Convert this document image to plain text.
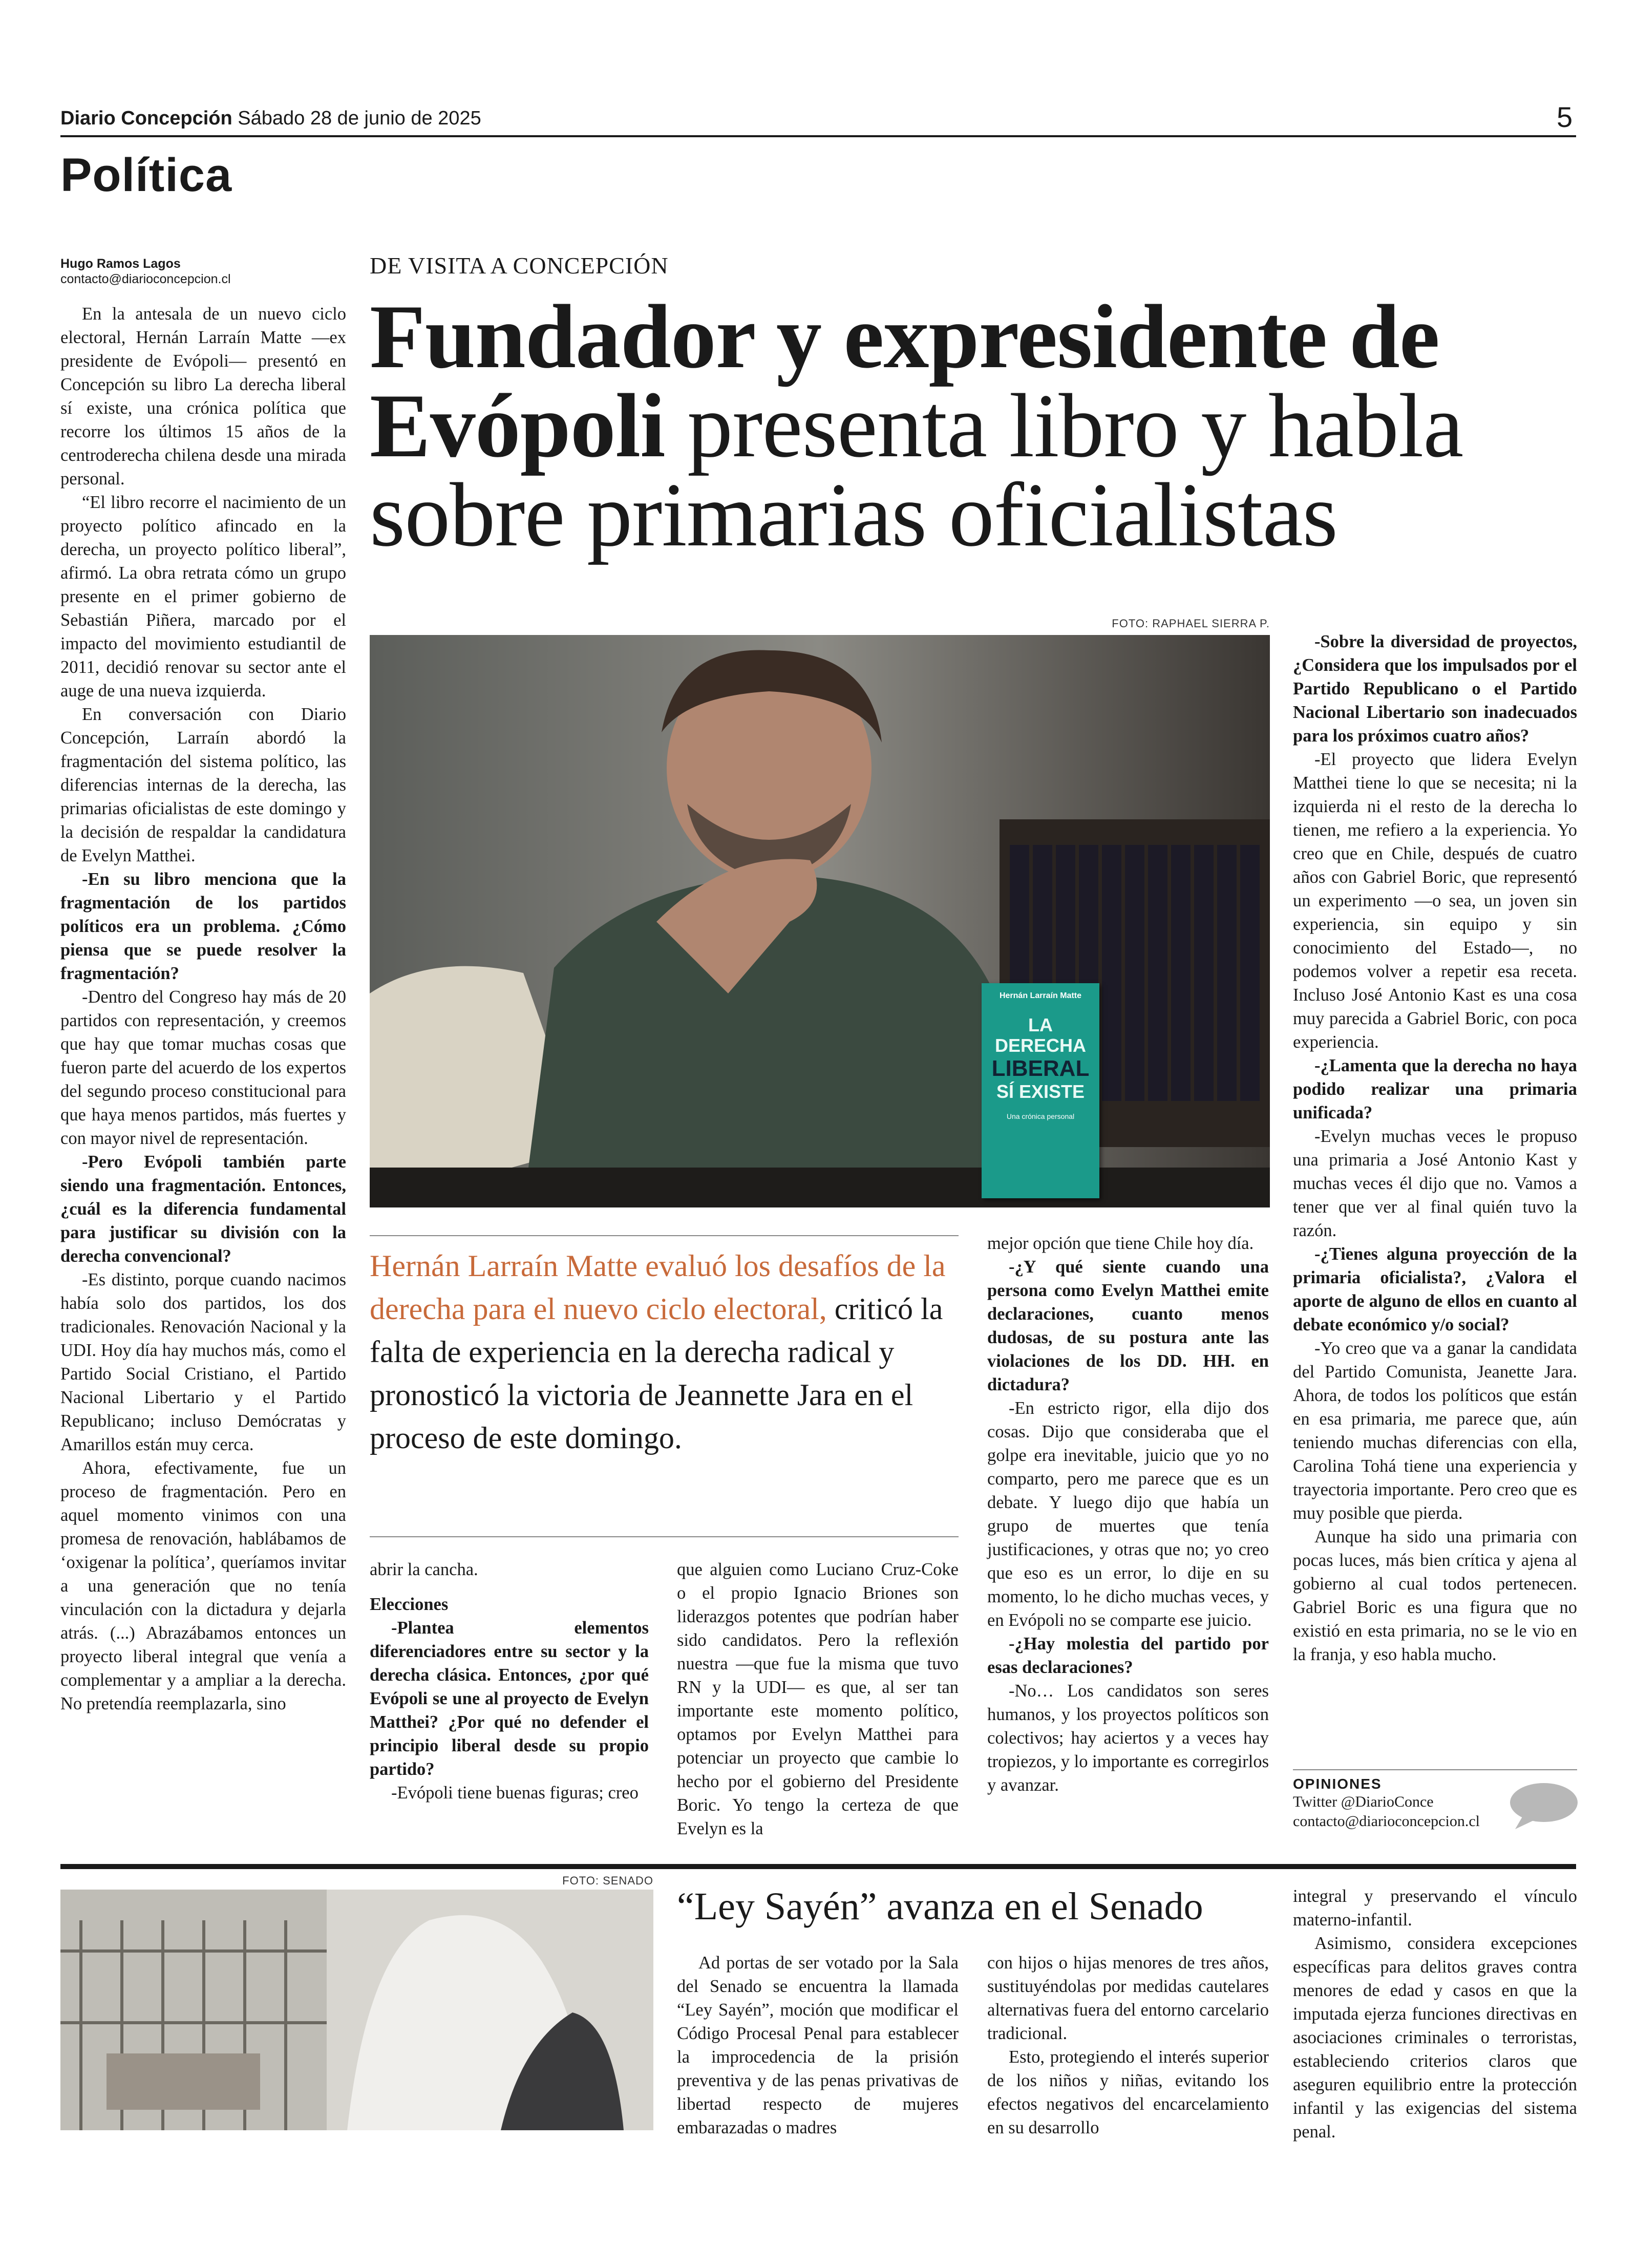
Diario Concepción Sábado 28 de junio de 2025	5
Política
Hugo Ramos Lagos
contacto@diarioconcepcion.cl
DE VISITA A CONCEPCIÓN
Fundador y expresidente de Evópoli presenta libro y habla sobre primarias oficialistas

En la antesala de un nuevo ciclo electoral, Hernán Larraín Matte —ex presidente de Evópoli— presentó en Concepción su libro La derecha liberal sí existe, una crónica política que recorre los últimos 15 años de la centroderecha chilena desde una mirada personal.

“El libro recorre el nacimiento de un proyecto político afincado en la derecha, un proyecto político liberal”, afirmó. La obra retrata cómo un grupo presente en el primer gobierno de Sebastián Piñera, marcado por el impacto del movimiento estudiantil de 2011, decidió renovar su sector ante el auge de una nueva izquierda.

En conversación con Diario Concepción, Larraín abordó la fragmentación del sistema político, las diferencias internas de la derecha, las primarias oficialistas de este domingo y la decisión de respaldar la candidatura de Evelyn Matthei.

-En su libro menciona que la fragmentación de los partidos políticos era un problema. ¿Cómo piensa que se puede resolver la fragmentación?

-Dentro del Congreso hay más de 20 partidos con representación, y creemos que hay que tomar muchas cosas que fueron parte del acuerdo de los expertos del segundo proceso constitucional para que haya menos partidos, más fuertes y con mayor nivel de representación.

-Pero Evópoli también parte siendo una fragmentación. Entonces, ¿cuál es la diferencia fundamental para justificar su división con la derecha convencional?

-Es distinto, porque cuando nacimos había solo dos partidos, los dos tradicionales. Renovación Nacional y la UDI. Hoy día hay muchos más, como el Partido Social Cristiano, el Partido Nacional Libertario y el Partido Republicano; incluso Demócratas y Amarillos están muy cerca.

Ahora, efectivamente, fue un proceso de fragmentación. Pero en aquel momento vinimos con una promesa de renovación, hablábamos de ‘oxigenar la política’, queríamos invitar a una generación que no tenía vinculación con la dictadura y dejarla atrás. (...) Abrazábamos entonces un proyecto liberal integral que venía a complementar y a ampliar a la derecha. No pretendía reemplazarla, sino

abrir la cancha.

Elecciones

-Plantea elementos diferenciadores entre su sector y la derecha clásica. Entonces, ¿por qué Evópoli se une al proyecto de Evelyn Matthei? ¿Por qué no defender el principio liberal desde su propio partido?

-Evópoli tiene buenas figuras; creo

que alguien como Luciano Cruz-Coke o el propio Ignacio Briones son liderazgos potentes que podrían haber sido candidatos. Pero la reflexión nuestra —que fue la misma que tuvo RN y la UDI— es que, al ser tan importante este momento político, optamos por Evelyn Matthei para potenciar un proyecto que cambie lo hecho por el gobierno del Presidente Boric. Yo tengo la certeza de que Evelyn es la

mejor opción que tiene Chile hoy día.

-¿Y qué siente cuando una persona como Evelyn Matthei emite declaraciones, cuanto menos dudosas, de su postura ante las violaciones de los DD. HH. en dictadura?

-En estricto rigor, ella dijo dos cosas. Dijo que consideraba que el golpe era inevitable, juicio que yo no comparto, pero me parece que es un debate. Y luego dijo que había un grupo de muertes que tenía justificaciones, y otras que no; yo creo que eso es un error, lo dije en su momento, lo he dicho muchas veces, y en Evópoli no se comparte ese juicio.

-¿Hay molestia del partido por esas declaraciones?

-No… Los candidatos son seres humanos, y los proyectos políticos son colectivos; hay aciertos y a veces hay tropiezos, y lo importante es corregirlos y avanzar.

-Sobre la diversidad de proyectos, ¿Considera que los impulsados por el Partido Republicano o el Partido Nacional Libertario son inadecuados para los próximos cuatro años?

-El proyecto que lidera Evelyn Matthei tiene lo que se necesita; ni la izquierda ni el resto de la derecha lo tienen, me refiero a la experiencia. Yo creo que en Chile, después de cuatro años con Gabriel Boric, que representó un experimento —o sea, un joven sin experiencia, sin equipo y sin conocimiento del Estado—, no podemos volver a repetir esa receta. Incluso José Antonio Kast es una cosa muy parecida a Gabriel Boric, con poca experiencia.

-¿Lamenta que la derecha no haya podido realizar una primaria unificada?

-Evelyn muchas veces le propuso una primaria a José Antonio Kast y muchas veces él dijo que no. Vamos a tener que ver al final quién tuvo la razón.

-¿Tienes alguna proyección de la primaria oficialista?, ¿Valora el aporte de alguno de ellos en cuanto al debate económico y/o social?

-Yo creo que va a ganar la candidata del Partido Comunista, Jeanette Jara. Ahora, de todos los políticos que están en esa primaria, me parece que, aún teniendo muchas diferencias con ella, Carolina Tohá tiene una experiencia y trayectoria importante. Pero creo que es muy posible que pierda.

Aunque ha sido una primaria con pocas luces, más bien crítica y ajena al gobierno al cual todos pertenecen. Gabriel Boric es una figura que no existió en esta primaria, no se le vio en la franja, y eso habla mucho.

FOTO: RAPHAEL SIERRA P.
Hernán Larraín Matte
LA DERECHA
LIBERAL
SÍ EXISTE
Una crónica personal
Hernán Larraín Matte evaluó los desafíos de la derecha para el nuevo ciclo electoral, criticó la falta de experiencia en la derecha radical y pronosticó la victoria de Jeannette Jara en el proceso de este domingo.
OPINIONES
Twitter @DiarioConce
contacto@diarioconcepcion.cl
FOTO: SENADO
“Ley Sayén” avanza en el Senado

Ad portas de ser votado por la Sala del Senado se encuentra la llamada “Ley Sayén”, moción que modificar el Código Procesal Penal para establecer la improcedencia de la prisión preventiva y de las penas privativas de libertad respecto de mujeres embarazadas o madres

con hijos o hijas menores de tres años, sustituyéndolas por medidas cautelares alternativas fuera del entorno carcelario tradicional.

Esto, protegiendo el interés superior de los niños y niñas, evitando los efectos negativos del encarcelamiento en su desarrollo

integral y preservando el vínculo materno-infantil.

Asimismo, considera excepciones específicas para delitos graves contra menores de edad y casos en que la imputada ejerza funciones directivas en asociaciones criminales o terroristas, estableciendo criterios claros que aseguren equilibrio entre la protección infantil y las exigencias del sistema penal.
